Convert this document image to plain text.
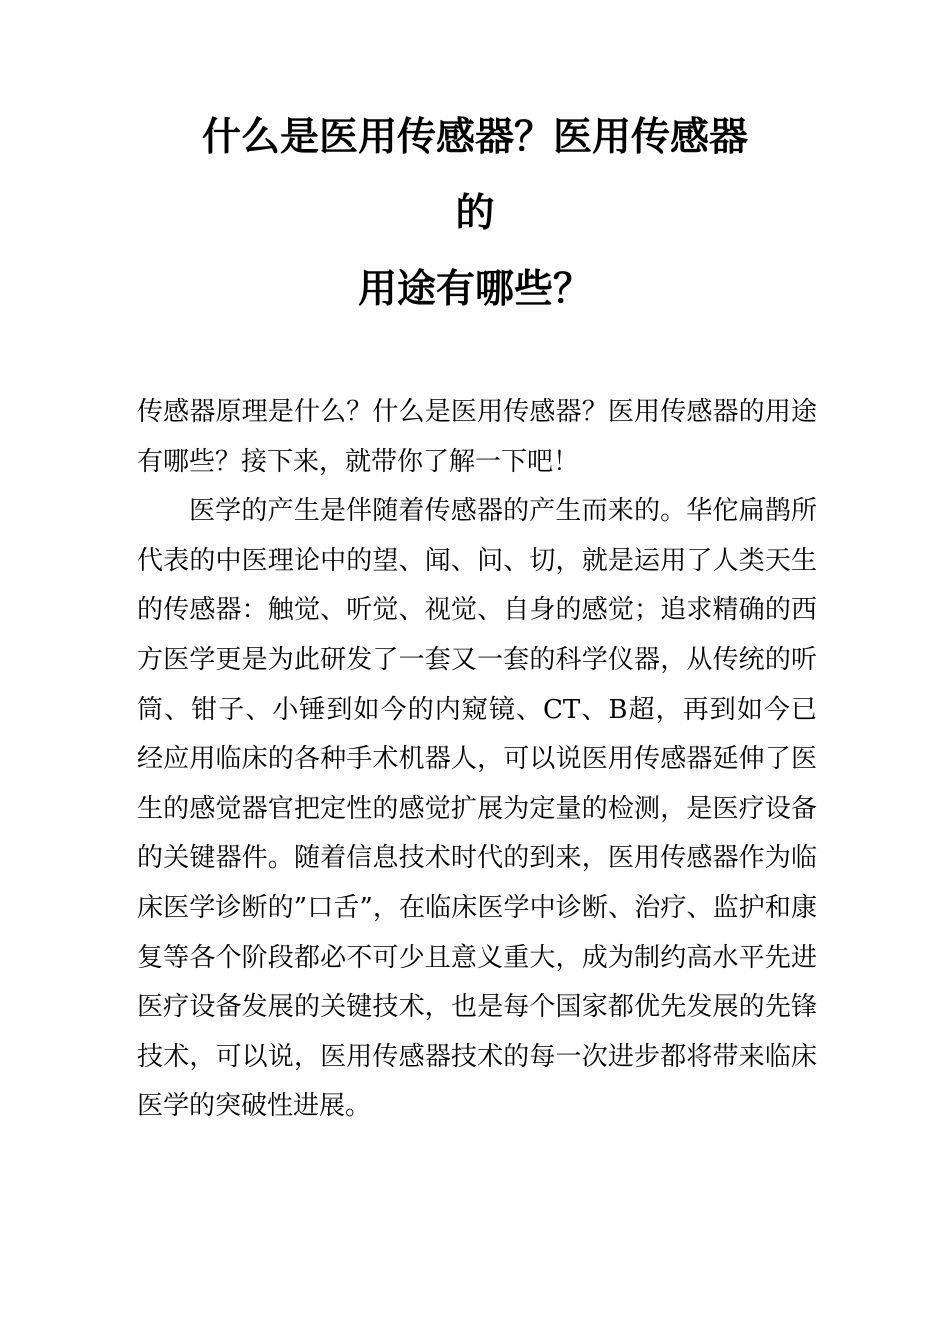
什么是医用传感器？医用传感器
的
用途有哪些？

传感器原理是什么？什么是医用传感器？医用传感器的用途有哪些？接下来，就带你了解一下吧！

医学的产生是伴随着传感器的产生而来的。华佗扁鹊所代表的中医理论中的望、闻、问、切，就是运用了人类天生的传感器：触觉、听觉、视觉、自身的感觉；追求精确的西方医学更是为此研发了一套又一套的科学仪器，从传统的听筒、钳子、小锤到如今的内窥镜、CT、B超，再到如今已经应用临床的各种手术机器人，可以说医用传感器延伸了医生的感觉器官把定性的感觉扩展为定量的检测，是医疗设备的关键器件。随着信息技术时代的到来，医用传感器作为临床医学诊断的”口舌”，在临床医学中诊断、治疗、监护和康复等各个阶段都必不可少且意义重大，成为制约高水平先进医疗设备发展的关键技术，也是每个国家都优先发展的先锋技术，可以说，医用传感器技术的每一次进步都将带来临床医学的突破性进展。
